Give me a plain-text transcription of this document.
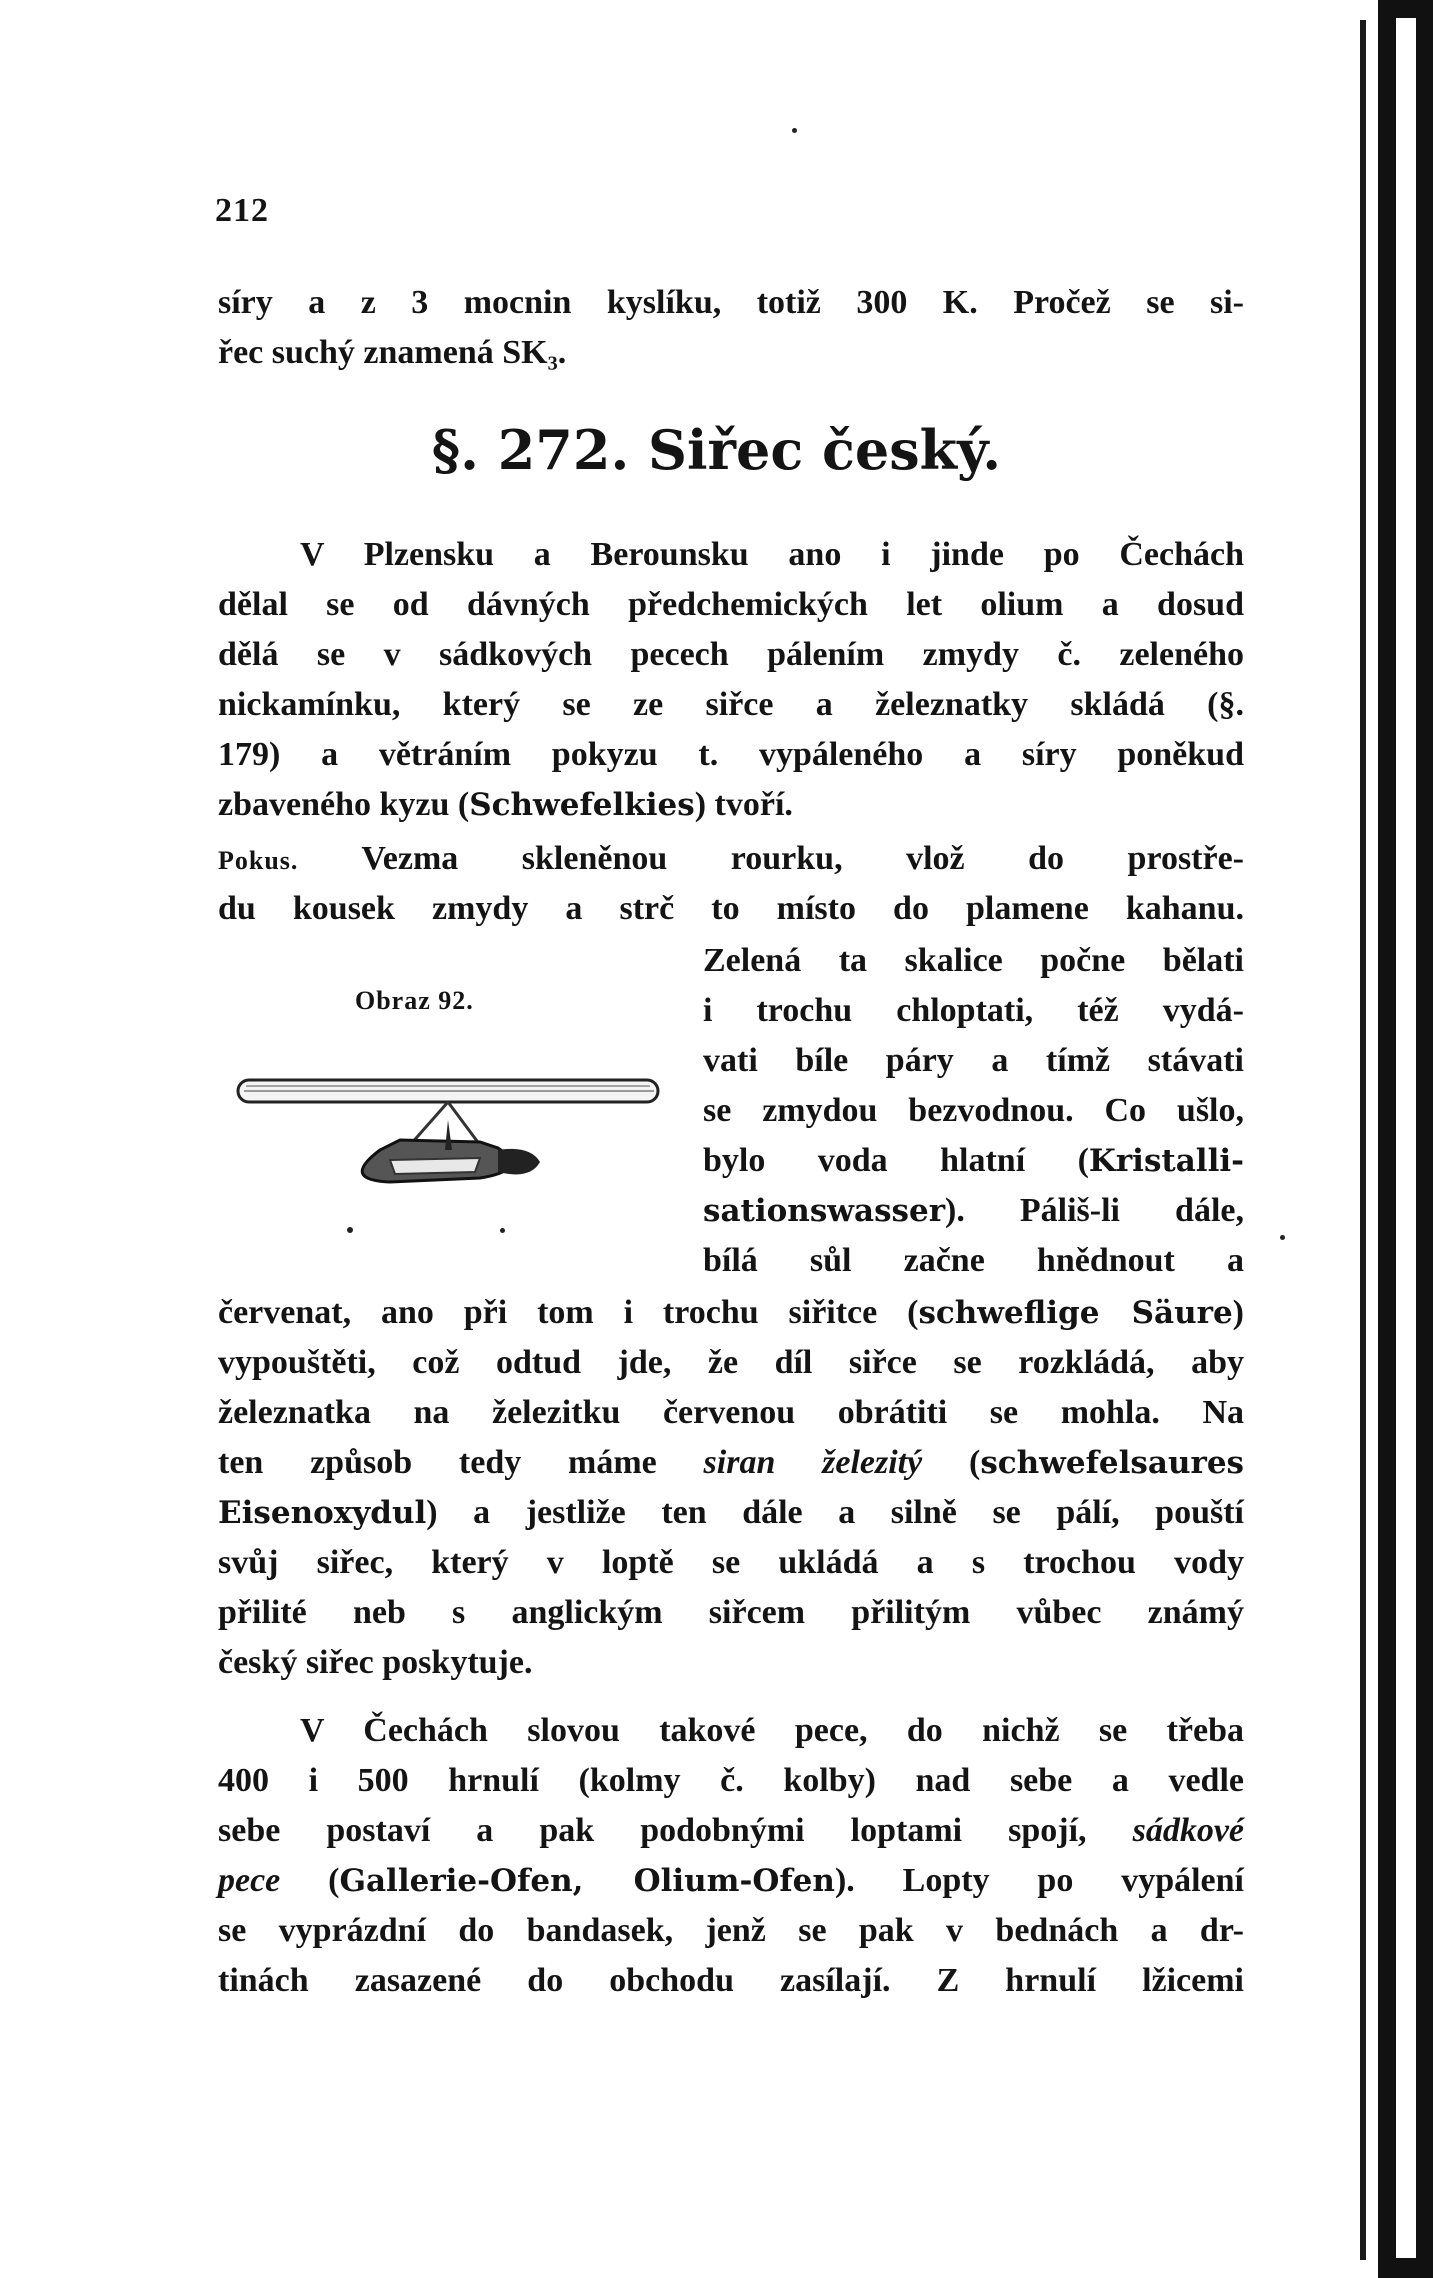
212
síry a z 3 mocnin kyslíku, totiž 300 K. Pročež se si-
řec suchý znamená SK₃.
§. 272. Siřec český.
V Plzensku a Berounsku ano i jinde po Čechách
dělal se od dávných předchemických let olium a dosud
dělá se v sádkových pecech pálením zmydy č. zeleného
nickamínku, který se ze siřce a železnatky skládá (§.
179) a větráním pokyzu t. vypáleného a síry poněkud
zbaveného kyzu (Schwefelkies) tvoří.
Pokus. Vezma skleněnou rourku, vlož do prostře-
du kousek zmydy a strč to místo do plamene kahanu.
Zelená ta skalice počne bělati
i trochu chloptati, též vydá-
vati bíle páry a tímž stávati
se zmydou bezvodnou. Co ušlo,
bylo voda hlatní (Kristalli-
sationswasser). Páliš-li dále,
bílá sůl začne hnědnout a
Obraz 92.
červenat, ano při tom i trochu siřitce (schweflige Säure)
vypouštěti, což odtud jde, že díl siřce se rozkládá, aby
železnatka na železitku červenou obrátiti se mohla. Na
ten způsob tedy máme siran železitý (schwefelsaures
Eisenoxydul) a jestliže ten dále a silně se pálí, pouští
svůj siřec, který v loptě se ukládá a s trochou vody
přilité neb s anglickým siřcem přilitým vůbec známý
český siřec poskytuje.
V Čechách slovou takové pece, do nichž se třeba
400 i 500 hrnulí (kolmy č. kolby) nad sebe a vedle
sebe postaví a pak podobnými loptami spojí, sádkové
pece (Gallerie-Ofen, Olium-Ofen). Lopty po vypálení
se vyprázdní do bandasek, jenž se pak v bednách a dr-
tinách zasazené do obchodu zasílají. Z hrnulí lžicemi
